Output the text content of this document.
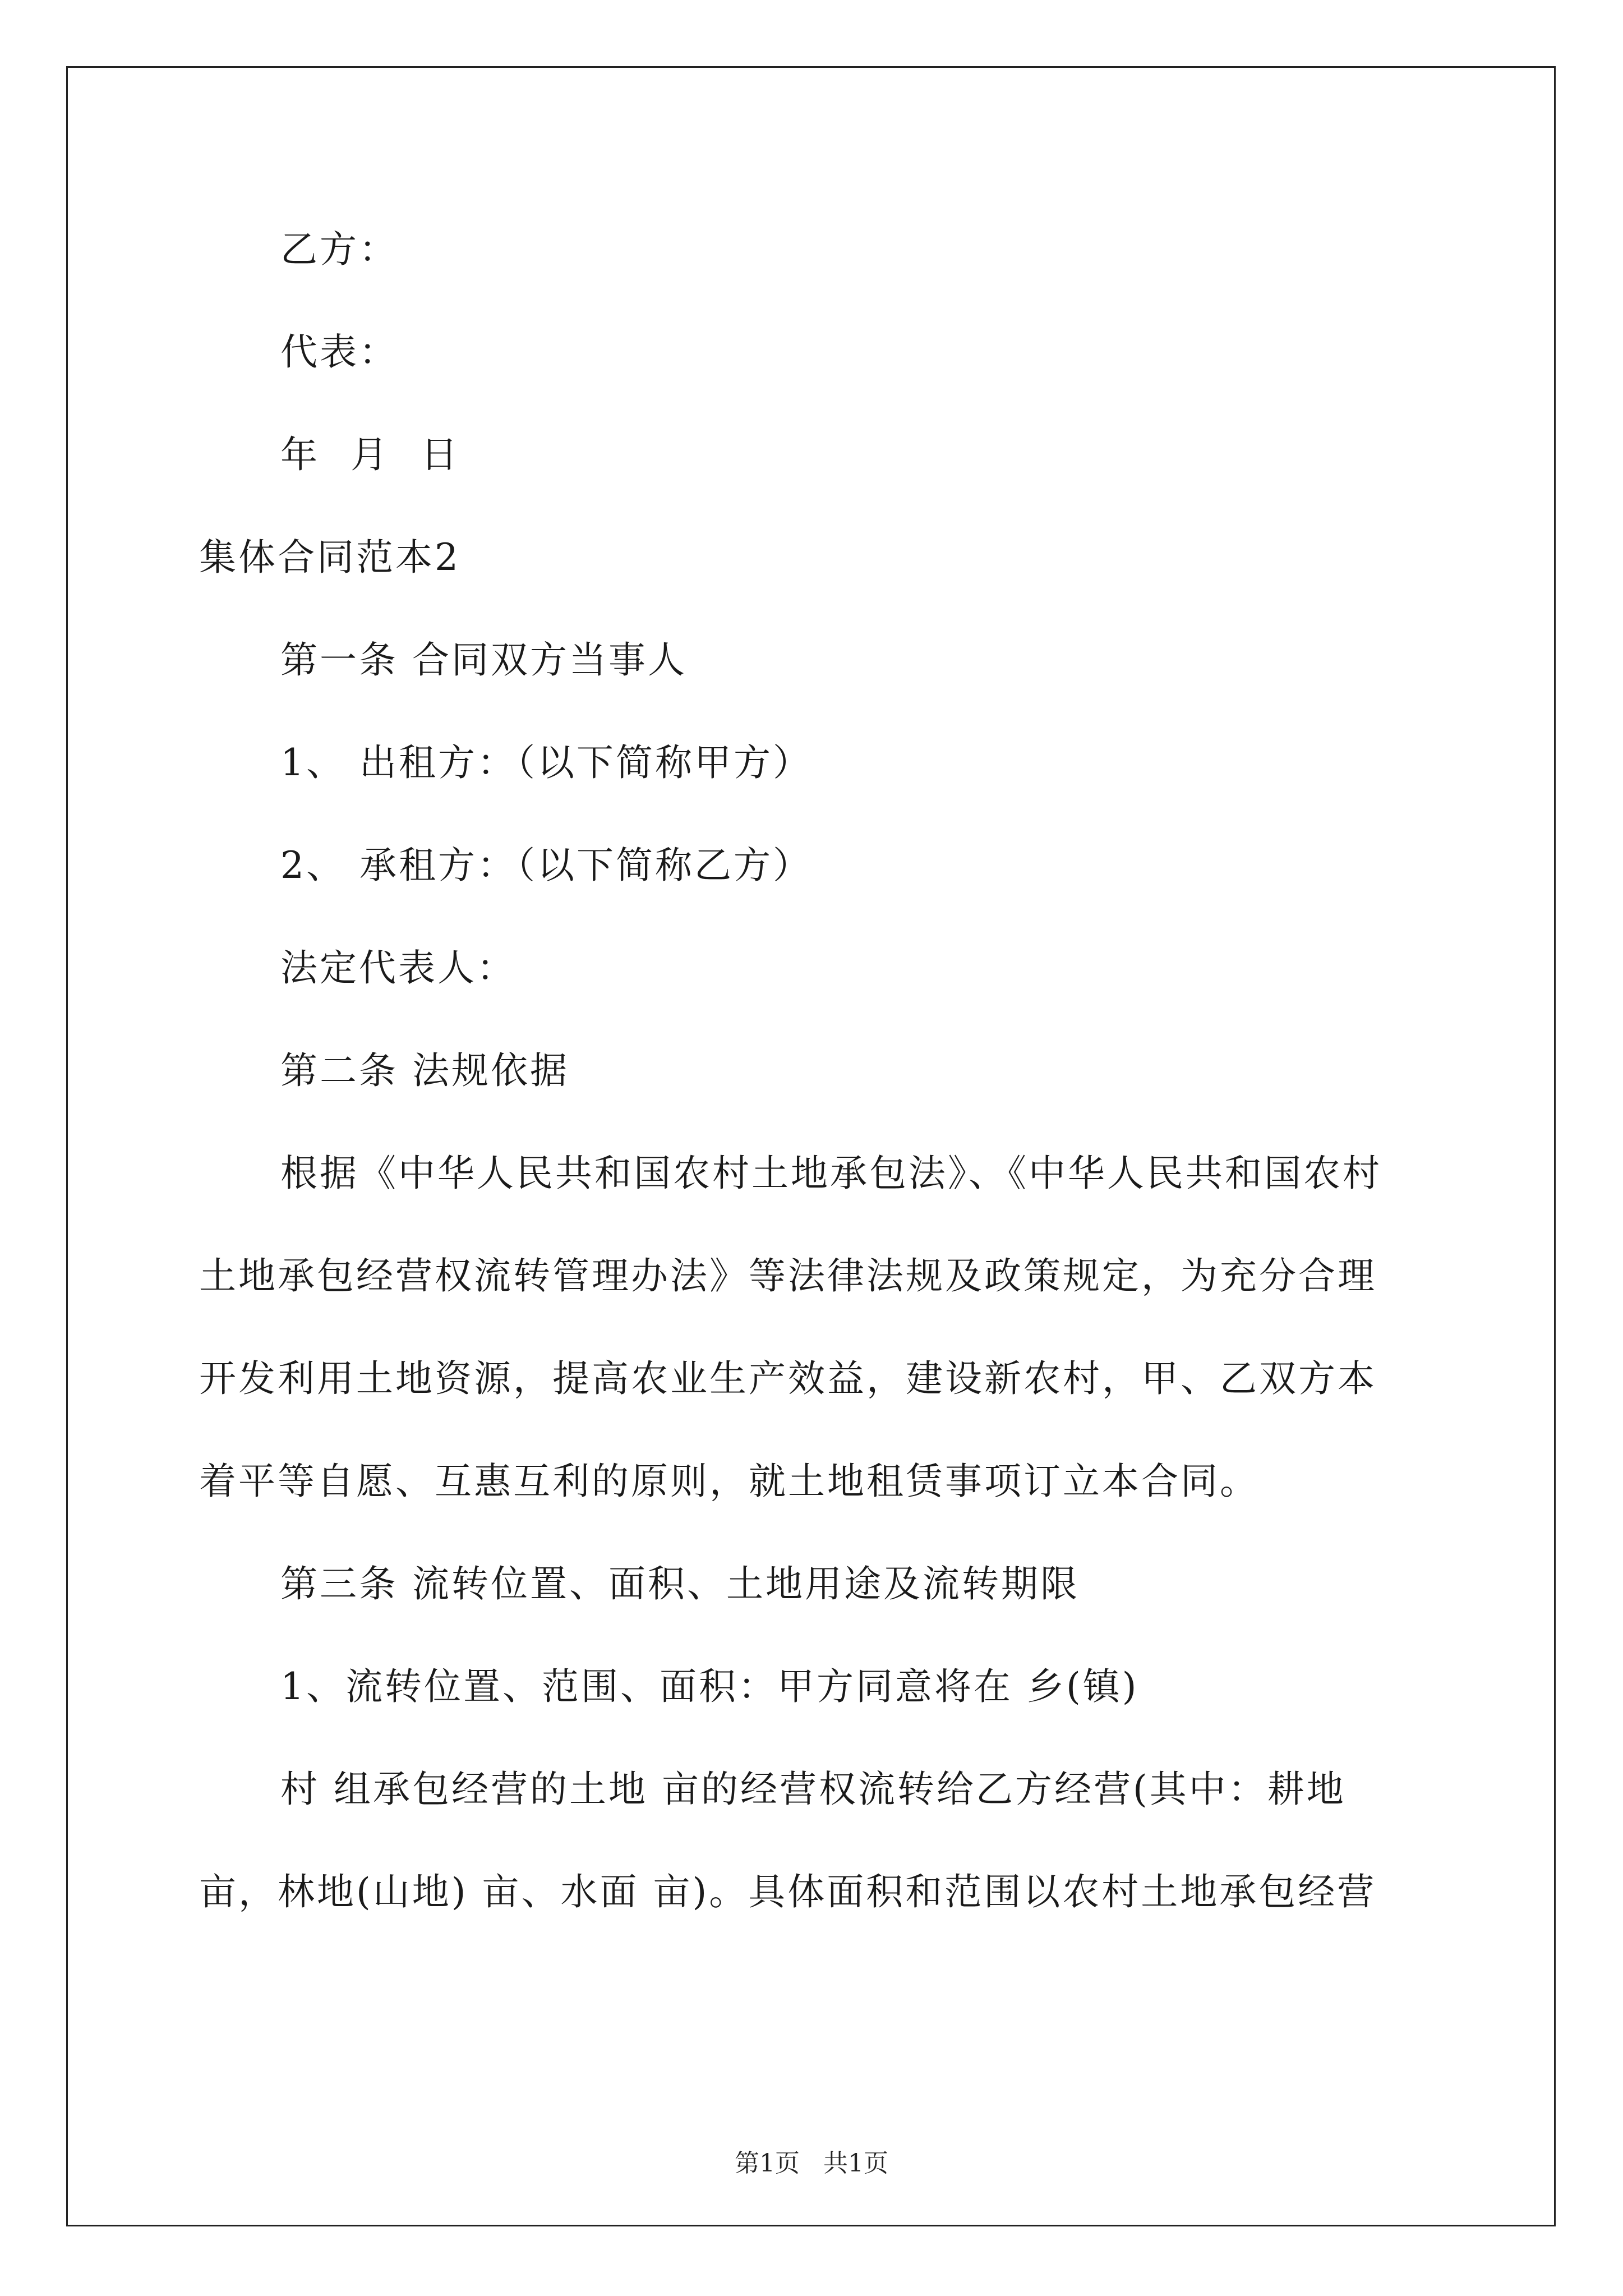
乙方：
代表：
年 月 日
集体合同范本2
第一条 合同双方当事人
1、 出租方：（以下简称甲方）
2、 承租方：（以下简称乙方）
法定代表人：
第二条 法规依据
根据《中华人民共和国农村土地承包法》、《中华人民共和国农村
土地承包经营权流转管理办法》等法律法规及政策规定，为充分合理
开发利用土地资源，提高农业生产效益，建设新农村，甲、乙双方本
着平等自愿、互惠互利的原则，就土地租赁事项订立本合同。
第三条 流转位置、面积、土地用途及流转期限
1、流转位置、范围、面积：甲方同意将在 乡(镇)
村 组承包经营的土地 亩的经营权流转给乙方经营(其中：耕地
亩，林地(山地) 亩、水面 亩)。具体面积和范围以农村土地承包经营
第1页 共1页
